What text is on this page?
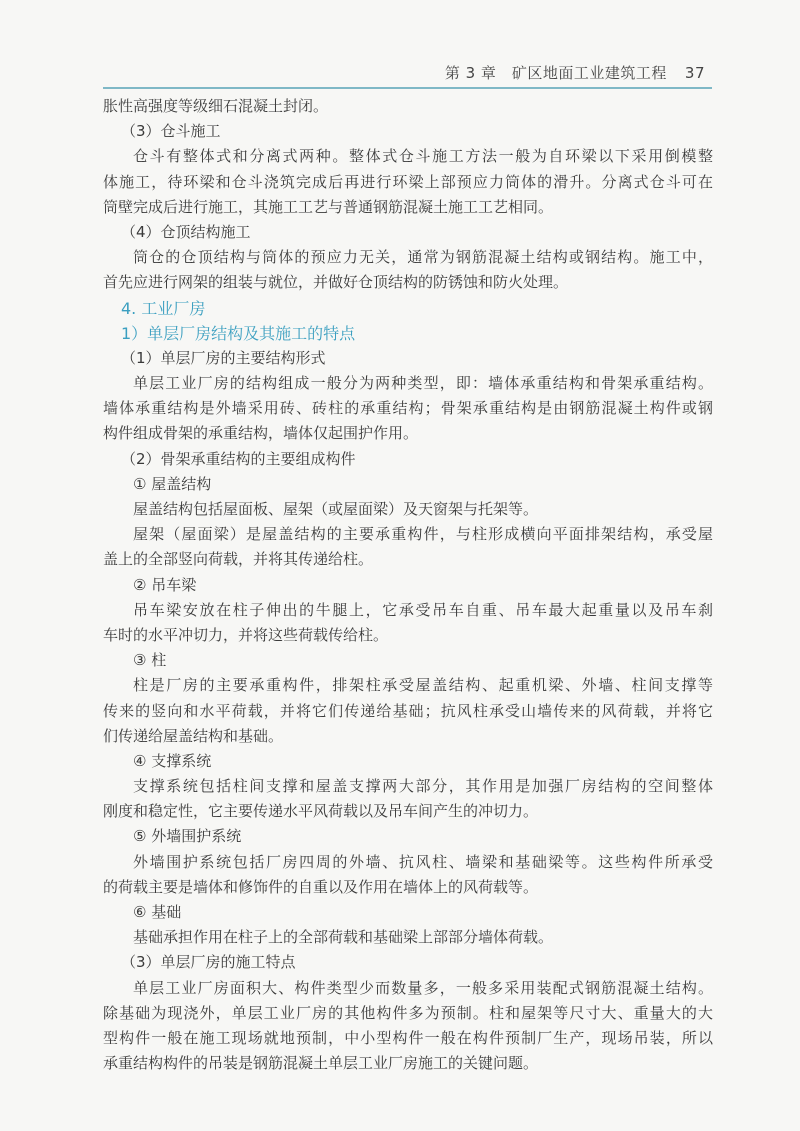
第 3 章　矿区地面工业建筑工程 37
胀性高强度等级细石混凝土封闭。
（3）仓斗施工
仓斗有整体式和分离式两种。整体式仓斗施工方法一般为自环梁以下采用倒模整
体施工，待环梁和仓斗浇筑完成后再进行环梁上部预应力筒体的滑升。分离式仓斗可在
筒壁完成后进行施工，其施工工艺与普通钢筋混凝土施工工艺相同。
（4）仓顶结构施工
筒仓的仓顶结构与筒体的预应力无关，通常为钢筋混凝土结构或钢结构。施工中，
首先应进行网架的组装与就位，并做好仓顶结构的防锈蚀和防火处理。
4. 工业厂房
1）单层厂房结构及其施工的特点
（1）单层厂房的主要结构形式
单层工业厂房的结构组成一般分为两种类型，即：墙体承重结构和骨架承重结构。
墙体承重结构是外墙采用砖、砖柱的承重结构；骨架承重结构是由钢筋混凝土构件或钢
构件组成骨架的承重结构，墙体仅起围护作用。
（2）骨架承重结构的主要组成构件
① 屋盖结构
屋盖结构包括屋面板、屋架（或屋面梁）及天窗架与托架等。
屋架（屋面梁）是屋盖结构的主要承重构件，与柱形成横向平面排架结构，承受屋
盖上的全部竖向荷载，并将其传递给柱。
② 吊车梁
吊车梁安放在柱子伸出的牛腿上，它承受吊车自重、吊车最大起重量以及吊车刹
车时的水平冲切力，并将这些荷载传给柱。
③ 柱
柱是厂房的主要承重构件，排架柱承受屋盖结构、起重机梁、外墙、柱间支撑等
传来的竖向和水平荷载，并将它们传递给基础；抗风柱承受山墙传来的风荷载，并将它
们传递给屋盖结构和基础。
④ 支撑系统
支撑系统包括柱间支撑和屋盖支撑两大部分，其作用是加强厂房结构的空间整体
刚度和稳定性，它主要传递水平风荷载以及吊车间产生的冲切力。
⑤ 外墙围护系统
外墙围护系统包括厂房四周的外墙、抗风柱、墙梁和基础梁等。这些构件所承受
的荷载主要是墙体和修饰件的自重以及作用在墙体上的风荷载等。
⑥ 基础
基础承担作用在柱子上的全部荷载和基础梁上部部分墙体荷载。
（3）单层厂房的施工特点
单层工业厂房面积大、构件类型少而数量多，一般多采用装配式钢筋混凝土结构。
除基础为现浇外，单层工业厂房的其他构件多为预制。柱和屋架等尺寸大、重量大的大
型构件一般在施工现场就地预制，中小型构件一般在构件预制厂生产，现场吊装，所以
承重结构构件的吊装是钢筋混凝土单层工业厂房施工的关键问题。
